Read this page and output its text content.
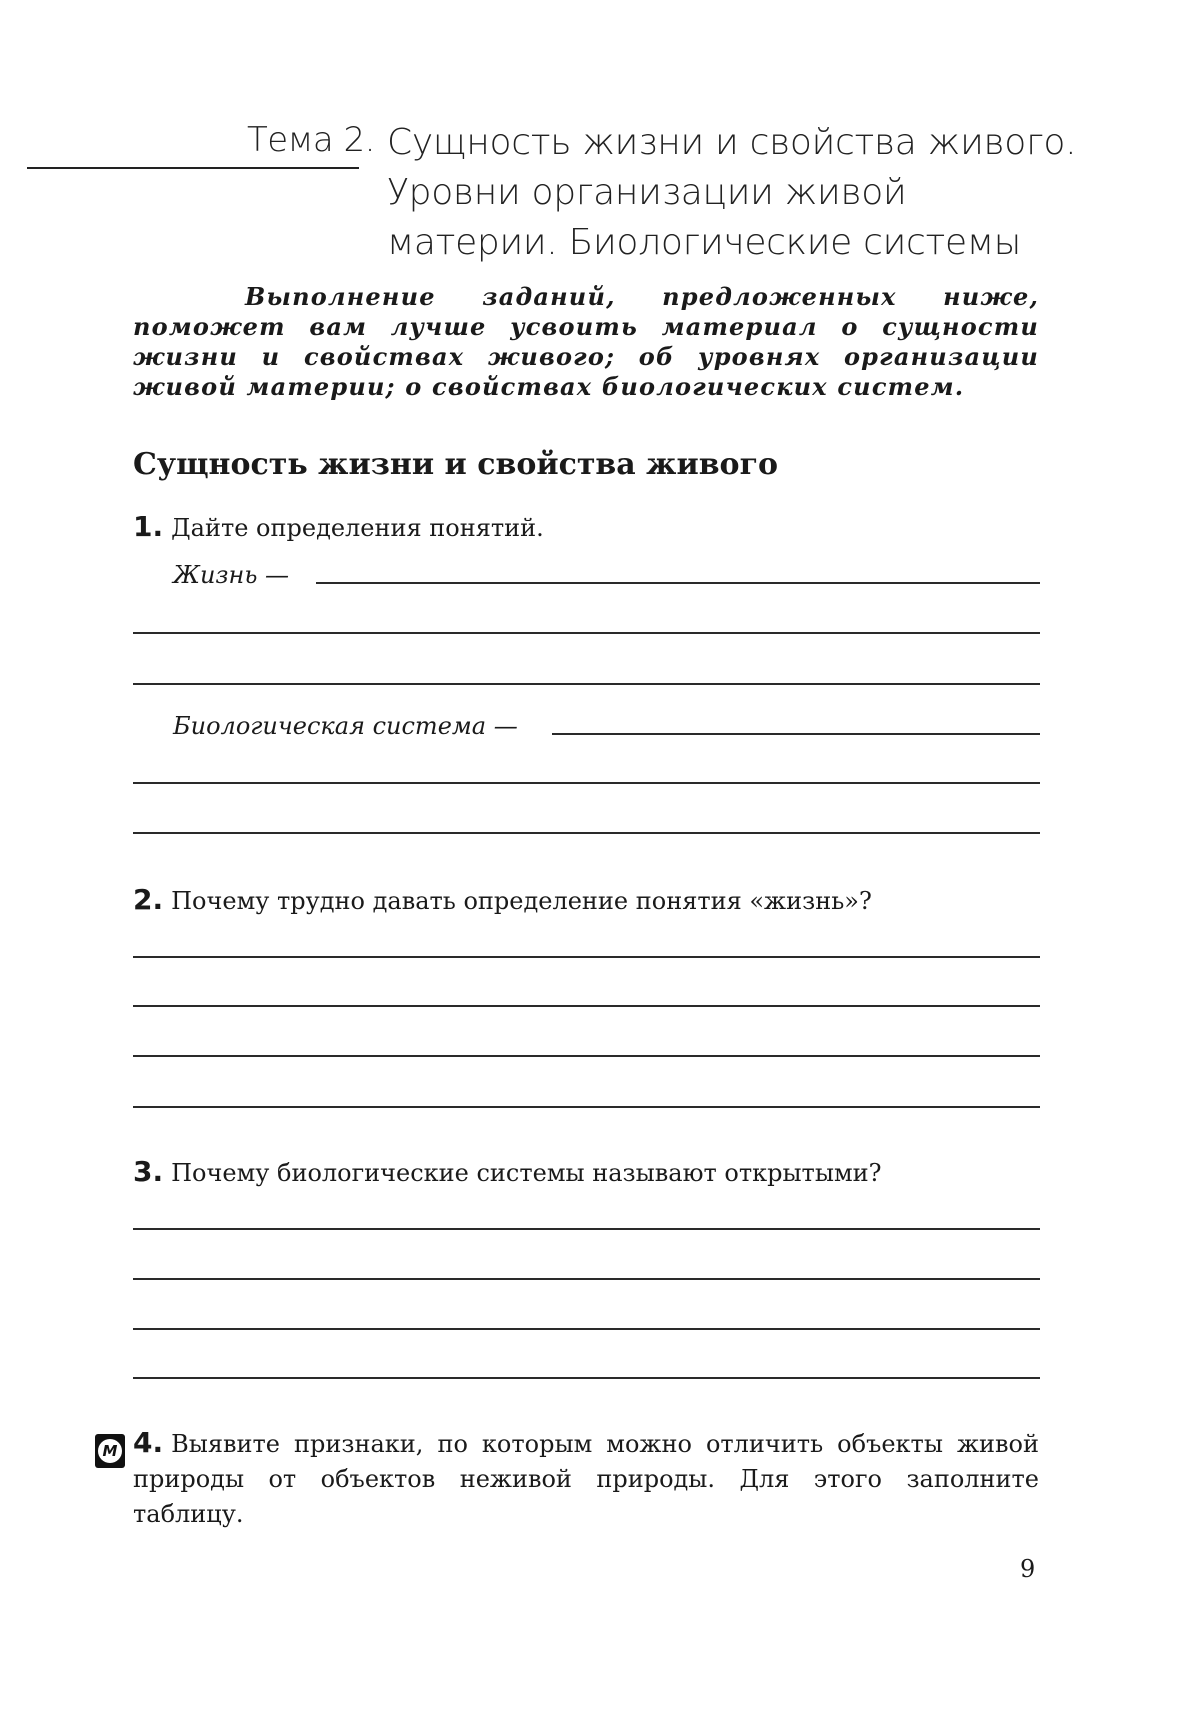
Тема 2. Сущность жизни и свойства живого.
Уровни организации живой
материи. Биологические системы
Выполнение заданий, предложенных ниже, поможет вам лучше усвоить материал о сущности жизни и свойствах живого; об уровнях организации живой материи; о свойствах биологических систем.
Сущность жизни и свойства живого
1. Дайте определения понятий.
Жизнь —
Биологическая система —
2. Почему трудно давать определение понятия «жизнь»?
3. Почему биологические системы называют открытыми?
М 4. Выявите признаки, по которым можно отличить объекты живой природы от объектов неживой природы. Для этого заполните таблицу.
9
